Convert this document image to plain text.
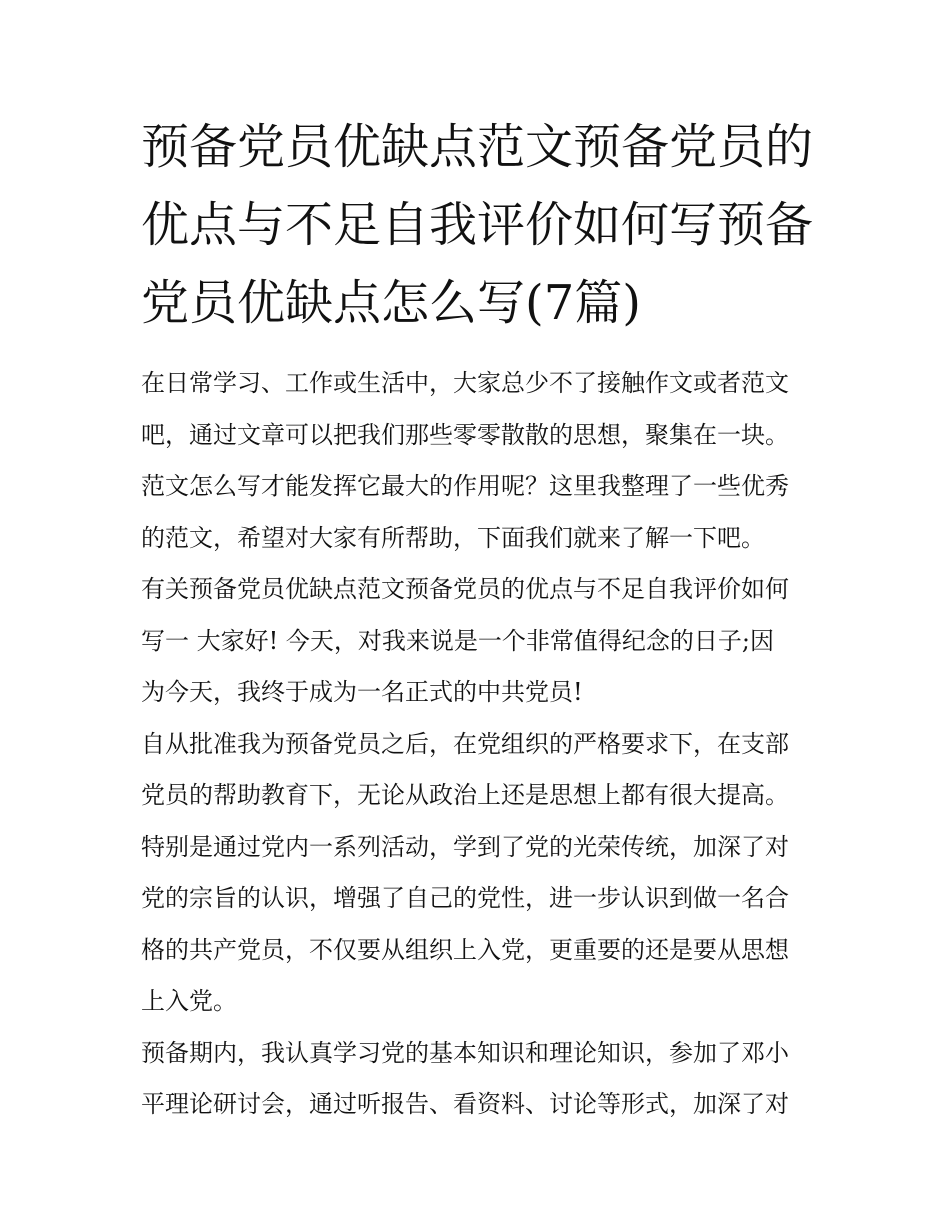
预备党员优缺点范文预备党员的优点与不足自我评价如何写预备党员优缺点怎么写(7篇)
在日常学习、工作或生活中，大家总少不了接触作文或者范文
吧，通过文章可以把我们那些零零散散的思想，聚集在一块。
范文怎么写才能发挥它最大的作用呢？这里我整理了一些优秀
的范文，希望对大家有所帮助，下面我们就来了解一下吧。
有关预备党员优缺点范文预备党员的优点与不足自我评价如何
写一 大家好! 今天，对我来说是一个非常值得纪念的日子;因
为今天，我终于成为一名正式的中共党员!
自从批准我为预备党员之后，在党组织的严格要求下，在支部
党员的帮助教育下，无论从政治上还是思想上都有很大提高。
特别是通过党内一系列活动，学到了党的光荣传统，加深了对
党的宗旨的认识，增强了自己的党性，进一步认识到做一名合
格的共产党员，不仅要从组织上入党，更重要的还是要从思想
上入党。
预备期内，我认真学习党的基本知识和理论知识，参加了邓小
平理论研讨会，通过听报告、看资料、讨论等形式，加深了对
